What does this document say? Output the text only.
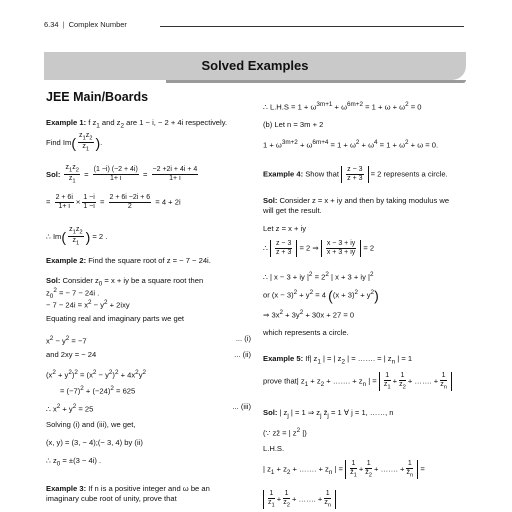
6.34 | Complex Number
Solved Examples
JEE Main/Boards
Example 1: f $z_1$ and $z_2$ are 1 − i, − 2 + 4i respectively.
Find $Im( \frac{z_1z_2}{z_1}$ ).
Sol: $\frac{z_1z_2}{z_1} = \frac{(1 -i) (-2 + 4i)}{1+ i} = \frac{-2 +2i + 4i + 4}{1+ i}$
= $\frac{2 + 6i}{1+ i} \times \frac{1 -i}{1 -i} = \frac{2 + 6i -2i + 6}{2} = 4 + 2i$
∴ $Im( \frac{z_1z_2}{z_1}$ ) = 2 .
Example 2: Find the square root of z = − 7 − 24i.
Sol: Consider $z_0 = x$ + iy be a square root then
$z_0^2$ = − 7 − 24i .
− $7 - 24i = x^2 - y^2 + 2ixy$
Equating real and imaginary parts we get
$x^2 - y^2 = -7$	... (i)
and 2xy = − 24	... (ii)
$(x^2 + y^2)^2 = (x^2 - y^2)^2 + 4x^2y^2$
= $(-7)^2 + (-24)^2 = 625$
∴ $x^2 + y^2 = 25$	... (iii)
Solving (i) and (iii), we get,
(x, y) = (3, − 4);(− 3, 4) by (ii)
∴ $z_0 = \pm(3 - 4i)$ .
Example 3: If n is a positive integer and ω be an
imaginary cube root of unity, prove that
∴ $L.H.S = 1 + \omega^{3m+1} + \omega^{6m+2} = 1 + \omega + \omega^2 = 0$
(b) Let n = 3m + 2
$1 + \omega^{3m+2} + \omega^{6m+4} = 1 + \omega^2 + \omega^4 = 1 + \omega^2 + \omega = 0$.
Example 4: Show that $\frac{z - 3}{z + 3} = 2$ represents a circle.
Sol: Consider z = x + iy and then by taking modulus we
will get the result.
Let z = x + iy
∴ $\frac{z - 3}{z + 3} = 2$ ⇒ $\frac{x - 3 + iy}{x + 3 + iy} = 2$
∴ | x − 3 + iy $|^2 = 2^2$ | x + 3 + iy $|^2$
or $(x - 3)^2 + y^2 = 4$ $((x + 3)^2 + y^2)$
⇒ $3x^2 + 3y^2 + 30x + 27 = 0$
which represents a circle.
Example 5: If| $z_1$ | = | $z_2$ | = ……. = | $z_n$ | = 1
prove that| $z_1 + z_2$ + ……. + $z_n$ | = $\frac{1}{z_1} + \frac{1}{z_2}$ + ……. + $\frac{1}{z_n}$
Sol: | $z_j$ | = 1 ⇒ $z_j$ $z̄_j = 1$ ∀ j = 1, ……, n
(∵ zz̄ = | $z^2$ |)
L.H.S.
| $z_1 + z_2$ + ……. + $z_n$ | = $\frac{1}{z̄_1} + \frac{1}{z̄_2}$ + ……. + $\frac{1}{z̄_n}$ =
$\frac{1}{z_1} + \frac{1}{z_2}$ + ……. + $\frac{1}{z_n}$
